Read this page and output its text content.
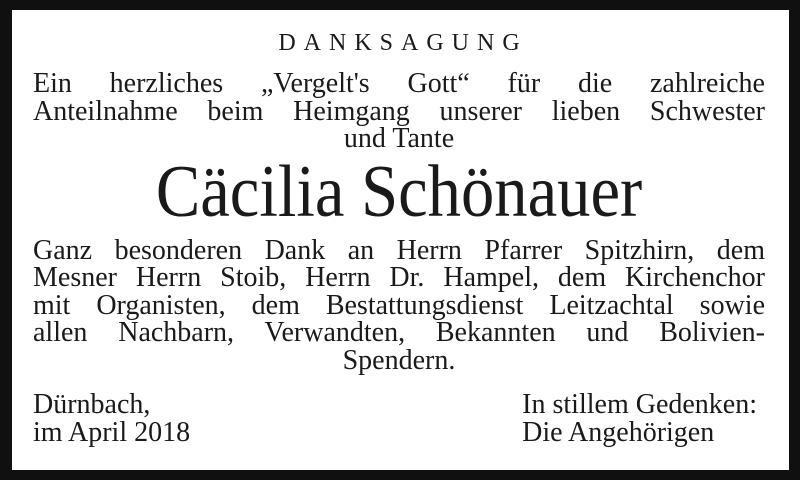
DANKSAGUNG
Ein herzliches „Vergelt's Gott“ für die zahlreiche
Anteilnahme beim Heimgang unserer lieben Schwester
und Tante
Cäcilia Schönauer
Ganz besonderen Dank an Herrn Pfarrer Spitzhirn, dem
Mesner Herrn Stoib, Herrn Dr. Hampel, dem Kirchenchor
mit Organisten, dem Bestattungsdienst Leitzachtal sowie
allen Nachbarn, Verwandten, Bekannten und Bolivien-
Spendern.
Dürnbach,
im April 2018
In stillem Gedenken:
Die Angehörigen
